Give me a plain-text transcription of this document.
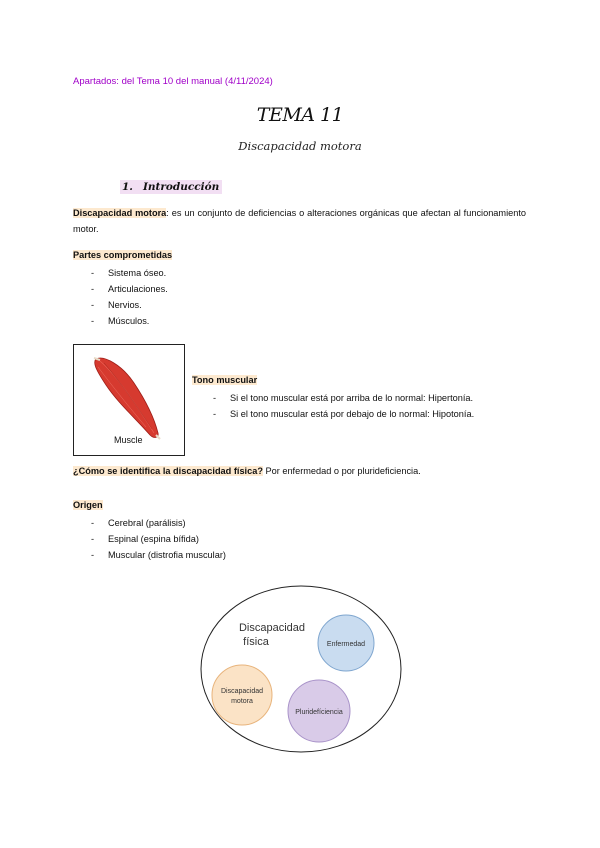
Apartados: del Tema 10 del manual (4/11/2024)
TEMA 11
Discapacidad motora
1. Introducción
Discapacidad motora: es un conjunto de deficiencias o alteraciones orgánicas que afectan al funcionamiento motor.
Partes comprometidas
- Sistema óseo.
- Articulaciones.
- Nervios.
- Músculos.
Muscle
Tono muscular
- Si el tono muscular está por arriba de lo normal: Hipertonía.
- Si el tono muscular está por debajo de lo normal: Hipotonía.
¿Cómo se identifica la discapacidad física? Por enfermedad o por plurideficiencia.
Origen
- Cerebral (parálisis)
- Espinal (espina bífida)
- Muscular (distrofia muscular)
Discapacidad
física	Enfermedad
Discapacidad
motora
Pluridefíciencia
